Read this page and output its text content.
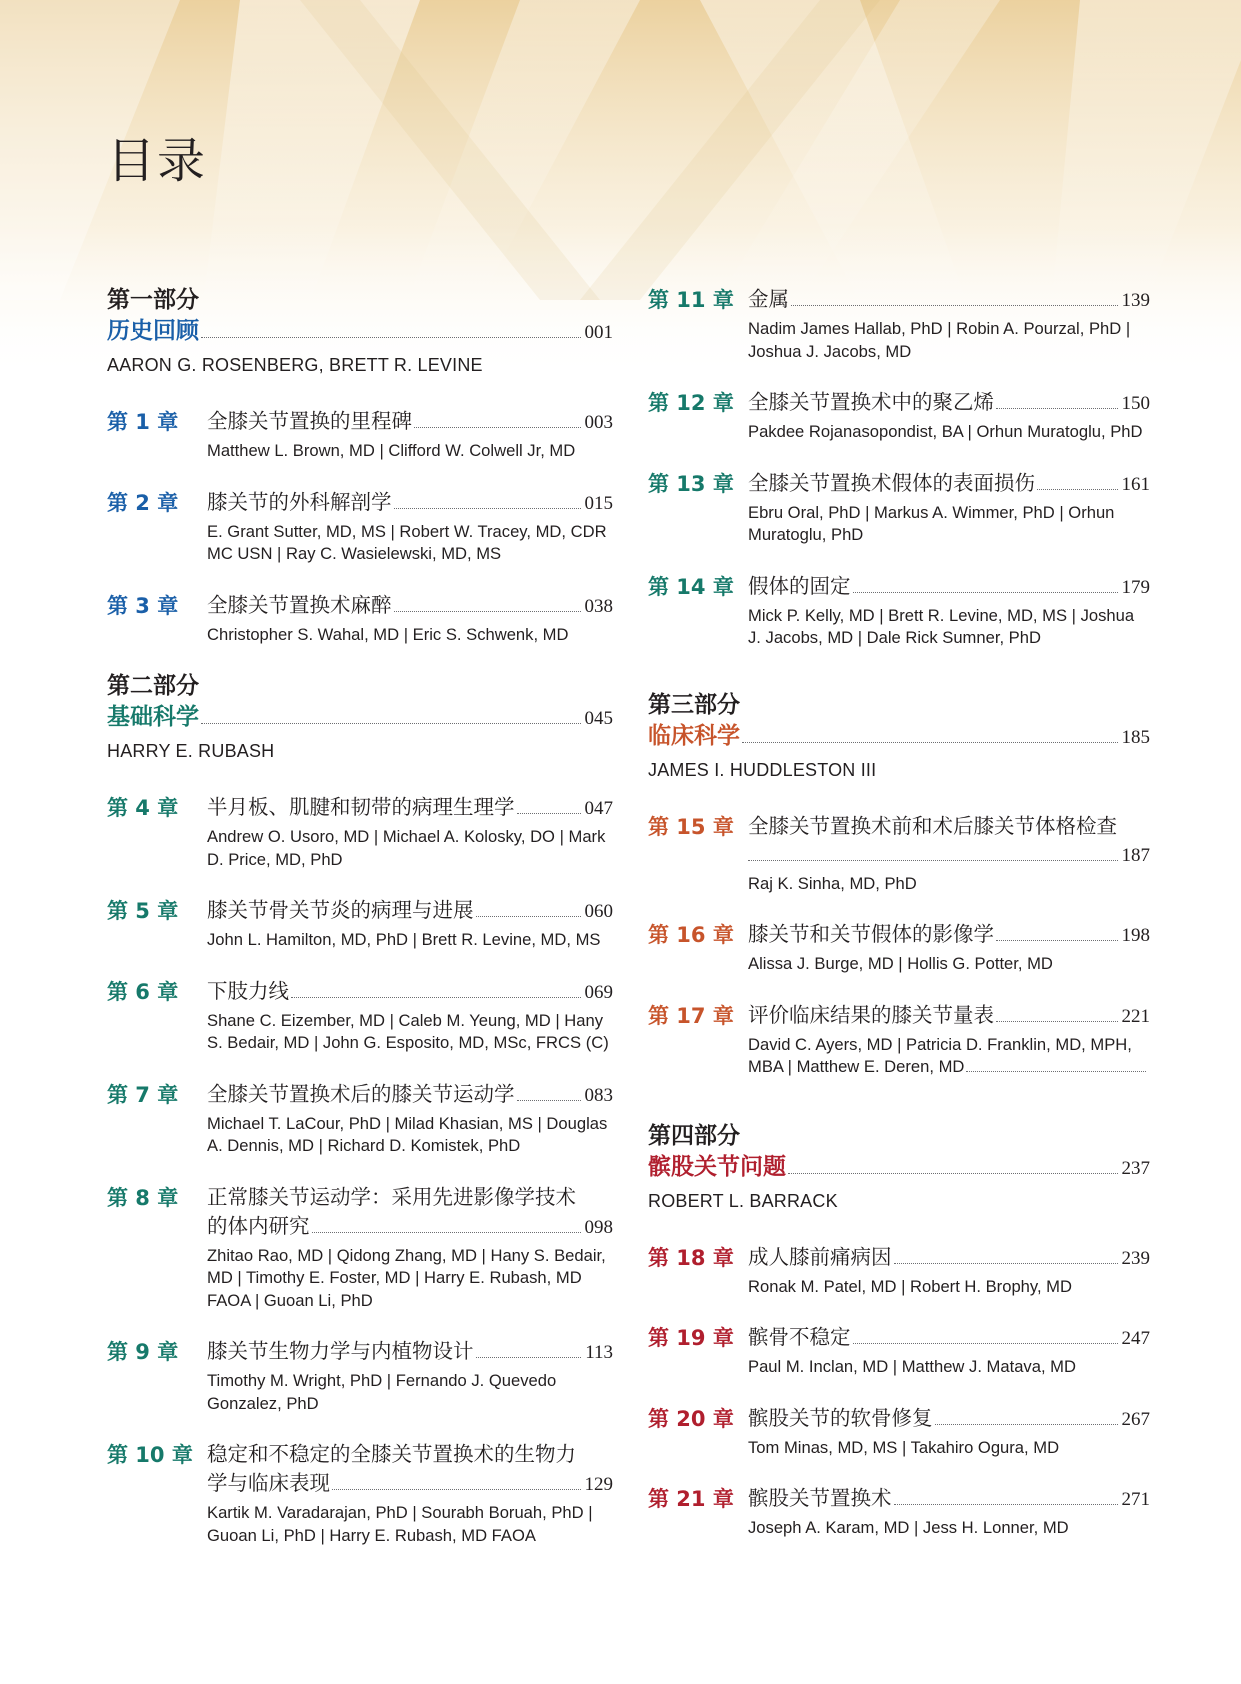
目录
第一部分
历史回顾	001
AARON G. ROSENBERG, BRETT R. LEVINE
第 1 章	全膝关节置换的里程碑	003
Matthew L. Brown, MD | Clifford W. Colwell Jr, MD
第 2 章	膝关节的外科解剖学	015
E. Grant Sutter, MD, MS | Robert W. Tracey, MD, CDR MC USN | Ray C. Wasielewski, MD, MS
第 3 章	全膝关节置换术麻醉	038
Christopher S. Wahal, MD | Eric S. Schwenk, MD
第二部分
基础科学	045
HARRY E. RUBASH
第 4 章	半月板、肌腱和韧带的病理生理学	047
Andrew O. Usoro, MD | Michael A. Kolosky, DO | Mark D. Price, MD, PhD
第 5 章	膝关节骨关节炎的病理与进展	060
John L. Hamilton, MD, PhD | Brett R. Levine, MD, MS
第 6 章	下肢力线	069
Shane C. Eizember, MD | Caleb M. Yeung, MD | Hany S. Bedair, MD | John G. Esposito, MD, MSc, FRCS (C)
第 7 章	全膝关节置换术后的膝关节运动学	083
Michael T. LaCour, PhD | Milad Khasian, MS | Douglas A. Dennis, MD | Richard D. Komistek, PhD
第 8 章	正常膝关节运动学：采用先进影像学技术
的体内研究	098
Zhitao Rao, MD | Qidong Zhang, MD | Hany S. Bedair, MD | Timothy E. Foster, MD | Harry E. Rubash, MD FAOA | Guoan Li, PhD
第 9 章	膝关节生物力学与内植物设计	113
Timothy M. Wright, PhD | Fernando J. Quevedo Gonzalez, PhD
第 10 章 稳定和不稳定的全膝关节置换术的生物力
学与临床表现	129
Kartik M. Varadarajan, PhD | Sourabh Boruah, PhD | Guoan Li, PhD | Harry E. Rubash, MD FAOA
第 11 章 金属	139
Nadim James Hallab, PhD | Robin A. Pourzal, PhD | Joshua J. Jacobs, MD
第 12 章 全膝关节置换术中的聚乙烯	150
Pakdee Rojanasopondist, BA | Orhun Muratoglu, PhD
第 13 章 全膝关节置换术假体的表面损伤	161
Ebru Oral, PhD | Markus A. Wimmer, PhD | Orhun Muratoglu, PhD
第 14 章 假体的固定	179
Mick P. Kelly, MD | Brett R. Levine, MD, MS | Joshua J. Jacobs, MD | Dale Rick Sumner, PhD
第三部分
临床科学	185
JAMES I. HUDDLESTON III
第 15 章 全膝关节置换术前和术后膝关节体格检查
187
Raj K. Sinha, MD, PhD
第 16 章 膝关节和关节假体的影像学	198
Alissa J. Burge, MD | Hollis G. Potter, MD
第 17 章 评价临床结果的膝关节量表	221
David C. Ayers, MD | Patricia D. Franklin, MD, MPH,
MBA | Matthew E. Deren, MD
第四部分
髌股关节问题	237
ROBERT L. BARRACK
第 18 章 成人膝前痛病因	239
Ronak M. Patel, MD | Robert H. Brophy, MD
第 19 章 髌骨不稳定	247
Paul M. Inclan, MD | Matthew J. Matava, MD
第 20 章 髌股关节的软骨修复	267
Tom Minas, MD, MS | Takahiro Ogura, MD
第 21 章 髌股关节置换术	271
Joseph A. Karam, MD | Jess H. Lonner, MD
